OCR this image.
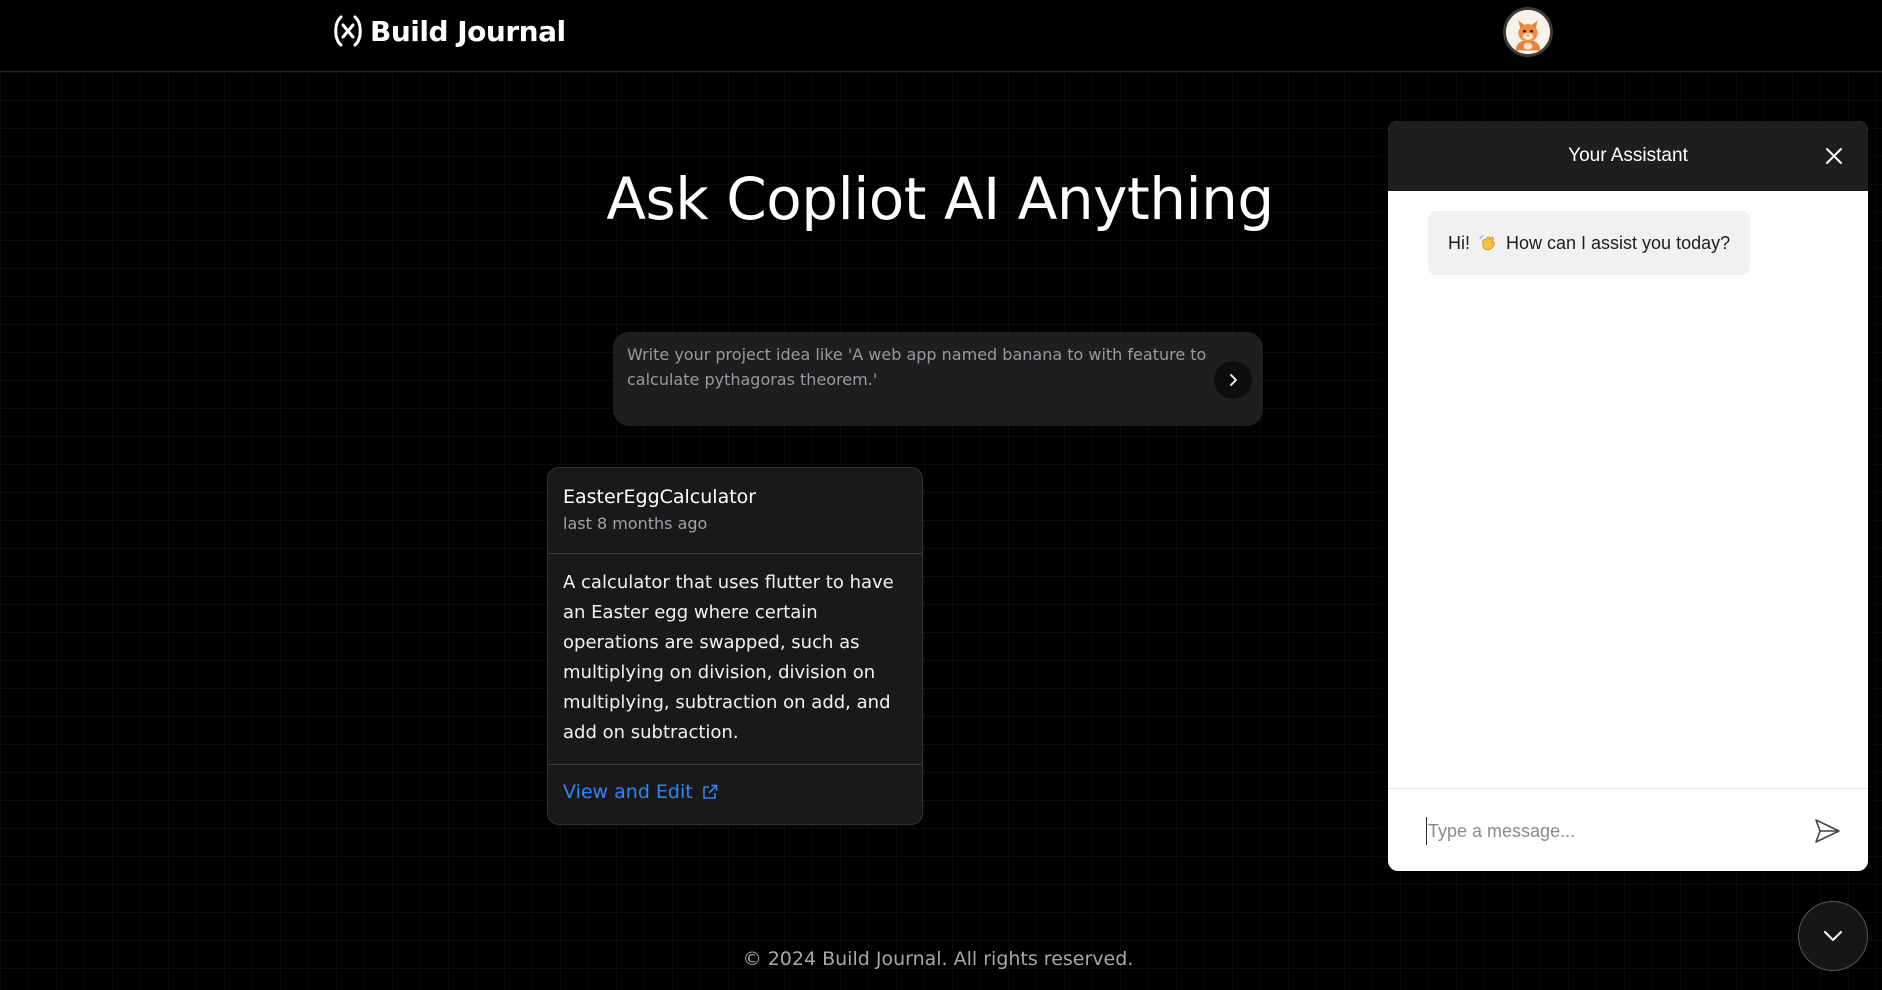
Build Journal
Ask Copliot AI Anything
Write your project idea like 'A web app named banana to with feature to calculate pythagoras theorem.'
EasterEggCalculator
last 8 months ago
A calculator that uses flutter to have an Easter egg where certain operations are swapped, such as multiplying on division, division on multiplying, subtraction on add, and add on subtraction.
View and Edit
© 2024 Build Journal. All rights reserved.
Your Assistant
Hi! How can I assist you today?
Type a message...
